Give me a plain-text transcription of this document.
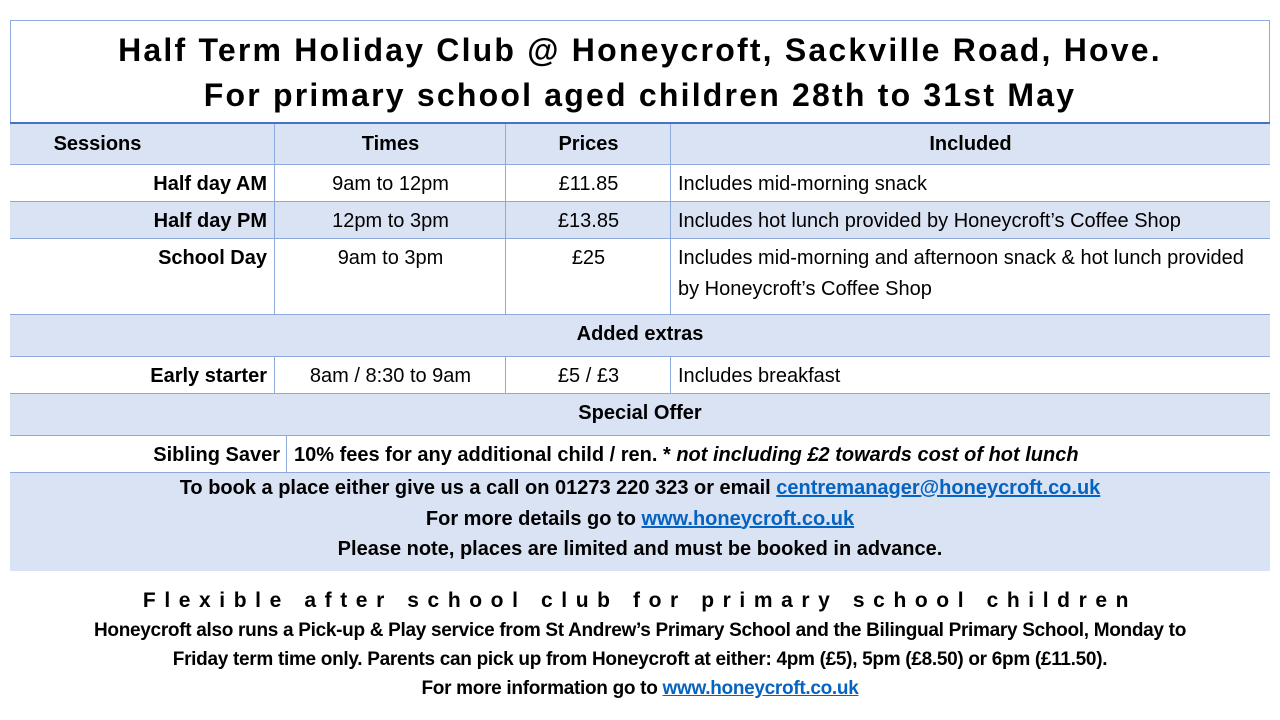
Half Term Holiday Club @ Honeycroft, Sackville Road, Hove.
For primary school aged children 28th to 31st May
Sessions	Times	Prices	Included
Half day AM	9am to 12pm	£11.85	Includes mid-morning snack
Half day PM	12pm to 3pm	£13.85	Includes hot lunch provided by Honeycroft’s Coffee Shop
School Day	9am to 3pm	£25	Includes mid-morning and afternoon snack & hot lunch provided by Honeycroft’s Coffee Shop
Added extras
Early starter	8am / 8:30 to 9am	£5 / £3	Includes breakfast
Special Offer
Sibling Saver 10% fees for any additional child / ren. * not including £2 towards cost of hot lunch
To book a place either give us a call on 01273 220 323 or email centremanager@honeycroft.co.uk
For more details go to www.honeycroft.co.uk
Please note, places are limited and must be booked in advance.
Flexible after school club for primary school children

Honeycroft also runs a Pick-up & Play service from St Andrew’s Primary School and the Bilingual Primary School, Monday to

Friday term time only. Parents can pick up from Honeycroft at either: 4pm (£5), 5pm (£8.50) or 6pm (£11.50).

For more information go to www.honeycroft.co.uk
